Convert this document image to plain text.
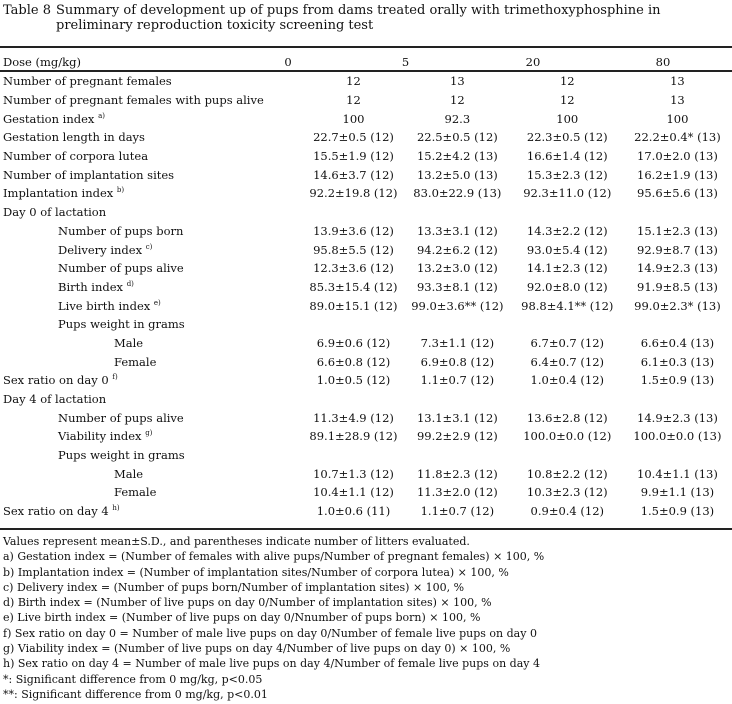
Table 8 Summary of development up of pups from dams treated orally with trimethoxyphosphine in preliminary reproduction toxicity screening test
Dose (mg/kg)	0	5	20	80
Number of pregnant females	12	13	12	13
Number of pregnant females with pups alive	12	12	12	13
Gestation index $^{a)}$	100	92.3	100	100
Gestation length in days	22.7±0.5 (12)	22.5±0.5 (12)	22.3±0.5 (12)	22.2±0.4* (13)
Number of corpora lutea	15.5±1.9 (12)	15.2±4.2 (13)	16.6±1.4 (12)	17.0±2.0 (13)
Number of implantation sites	14.6±3.7 (12)	13.2±5.0 (13)	15.3±2.3 (12)	16.2±1.9 (13)
Implantation index $^{b)}$	92.2±19.8 (12)	83.0±22.9 (13)	92.3±11.0 (12)	95.6±5.6 (13)
Day 0 of lactation				
Number of pups born	13.9±3.6 (12)	13.3±3.1 (12)	14.3±2.2 (12)	15.1±2.3 (13)
Delivery index $^{c)}$	95.8±5.5 (12)	94.2±6.2 (12)	93.0±5.4 (12)	92.9±8.7 (13)
Number of pups alive	12.3±3.6 (12)	13.2±3.0 (12)	14.1±2.3 (12)	14.9±2.3 (13)
Birth index $^{d)}$	85.3±15.4 (12)	93.3±8.1 (12)	92.0±8.0 (12)	91.9±8.5 (13)
Live birth index $^{e)}$	89.0±15.1 (12)	99.0±3.6** (12)	98.8±4.1** (12)	99.0±2.3* (13)
Pups weight in grams				
Male	6.9±0.6 (12)	7.3±1.1 (12)	6.7±0.7 (12)	6.6±0.4 (13)
Female	6.6±0.8 (12)	6.9±0.8 (12)	6.4±0.7 (12)	6.1±0.3 (13)
Sex ratio on day 0 $^{f)}$	1.0±0.5 (12)	1.1±0.7 (12)	1.0±0.4 (12)	1.5±0.9 (13)
Day 4 of lactation				
Number of pups alive	11.3±4.9 (12)	13.1±3.1 (12)	13.6±2.8 (12)	14.9±2.3 (13)
Viability index $^{g)}$	89.1±28.9 (12)	99.2±2.9 (12)	100.0±0.0 (12)	100.0±0.0 (13)
Pups weight in grams				
Male	10.7±1.3 (12)	11.8±2.3 (12)	10.8±2.2 (12)	10.4±1.1 (13)
Female	10.4±1.1 (12)	11.3±2.0 (12)	10.3±2.3 (12)	9.9±1.1 (13)
Sex ratio on day 4 $^{h)}$	1.0±0.6 (11)	1.1±0.7 (12)	0.9±0.4 (12)	1.5±0.9 (13)
Values represent mean±S.D., and parentheses indicate number of litters evaluated.
a) Gestation index = (Number of females with alive pups/Number of pregnant females) × 100, %
b) Implantation index = (Number of implantation sites/Number of corpora lutea) × 100, %
c) Delivery index = (Number of pups born/Number of implantation sites) × 100, %
d) Birth index = (Number of live pups on day 0/Number of implantation sites) × 100, %
e) Live birth index = (Number of live pups on day 0/Nnumber of pups born) × 100, %
f) Sex ratio on day 0 = Number of male live pups on day 0/Number of female live pups on day 0
g) Viability index = (Number of live pups on day 4/Number of live pups on day 0) × 100, %
h) Sex ratio on day 4 = Number of male live pups on day 4/Number of female live pups on day 4
*: Significant difference from 0 mg/kg, p<0.05
**: Significant difference from 0 mg/kg, p<0.01
